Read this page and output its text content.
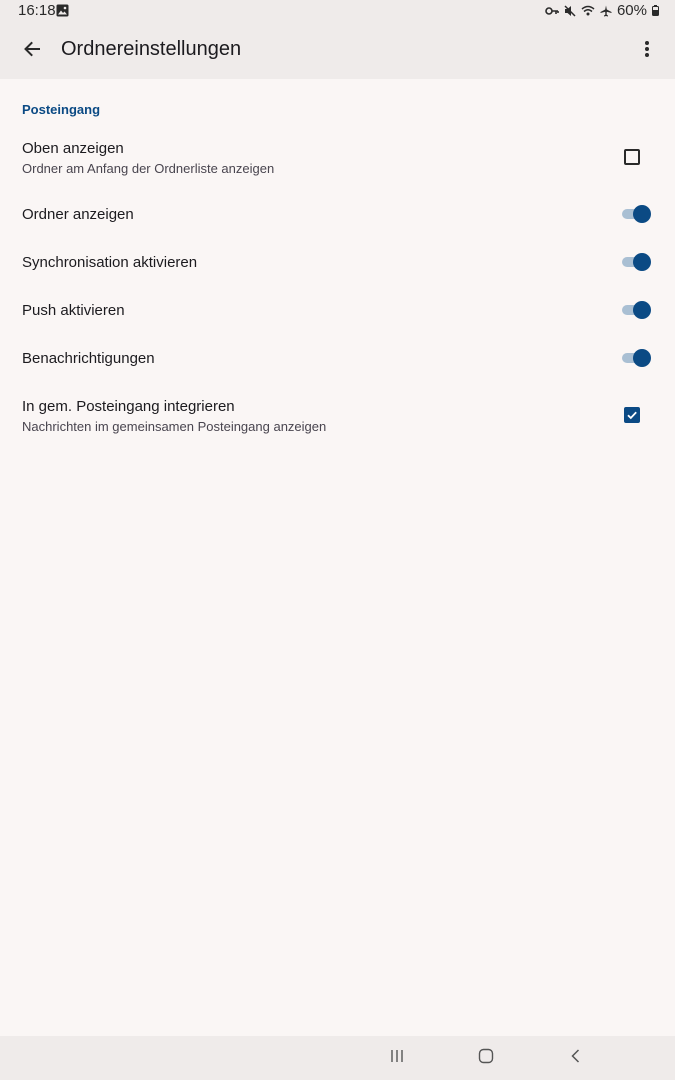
16:18	60%
Ordnereinstellungen
Posteingang
Oben anzeigen
Ordner am Anfang der Ordnerliste anzeigen
Ordner anzeigen
Synchronisation aktivieren
Push aktivieren
Benachrichtigungen
In gem. Posteingang integrieren
Nachrichten im gemeinsamen Posteingang anzeigen
